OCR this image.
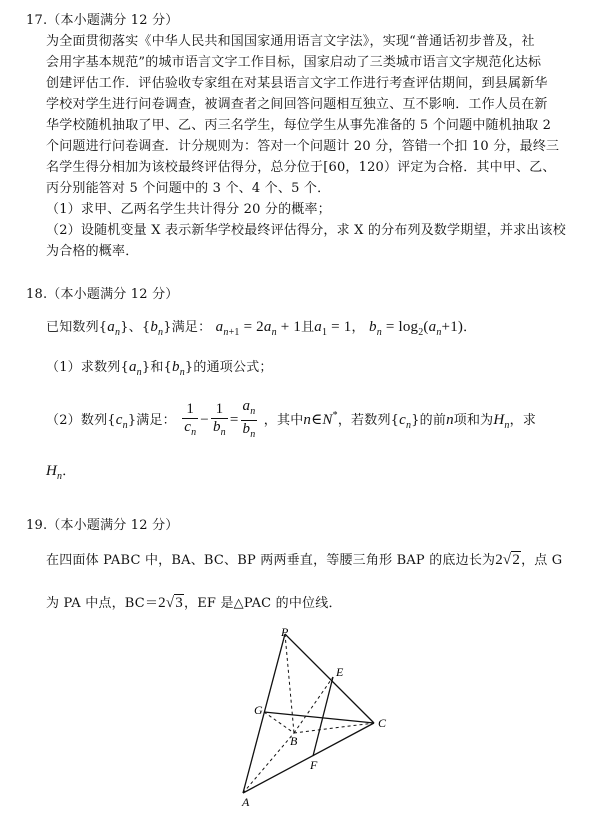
17.（本小题满分 12 分）
为全面贯彻落实《中华人民共和国国家通用语言文字法》，实现“普通话初步普及，社
会用字基本规范”的城市语言文字工作目标，国家启动了三类城市语言文字规范化达标
创建评估工作．评估验收专家组在对某县语言文字工作进行考查评估期间，到县属新华
学校对学生进行问卷调查，被调查者之间回答问题相互独立、互不影响．工作人员在新
华学校随机抽取了甲、乙、丙三名学生，每位学生从事先准备的 5 个问题中随机抽取 2
个问题进行问卷调查．计分规则为：答对一个问题计 20 分，答错一个扣 10 分，最终三
名学生得分相加为该校最终评估得分，总分位于[60，120）评定为合格．其中甲、乙、
丙分别能答对 5 个问题中的 3 个、4 个、5 个．
（1）求甲、乙两名学生共计得分 20 分的概率；
（2）设随机变量 X 表示新华学校最终评估得分，求 X 的分布列及数学期望，并求出该校
为合格的概率．
18.（本小题满分 12 分）
已知数列$\{a_n\}$、$\{b_n\}$满足： $a_{n+1} = 2a_n + 1$且$a_1 = 1$， $b_n = \log_2(a_n+1)$．
（1）求数列$\{a_n\}$和$\{b_n\}$的通项公式；
（2）数列$\{c_n\}$满足： $\frac{1}{c_n} - \frac{1}{b_n} = \frac{a_n}{b_n}$ ，其中n∈N*，若数列$\{c_n\}$的前n项和为$H_n$，求
$H_n$．
19.（本小题满分 12 分）
在四面体 PABC 中，BA、BC、BP 两两垂直，等腰三角形 BAP 的底边长为2√2，点 G
为 PA 中点，BC＝2√3，EF 是△PAC 的中位线．
P
E
G
B
C
F
A
